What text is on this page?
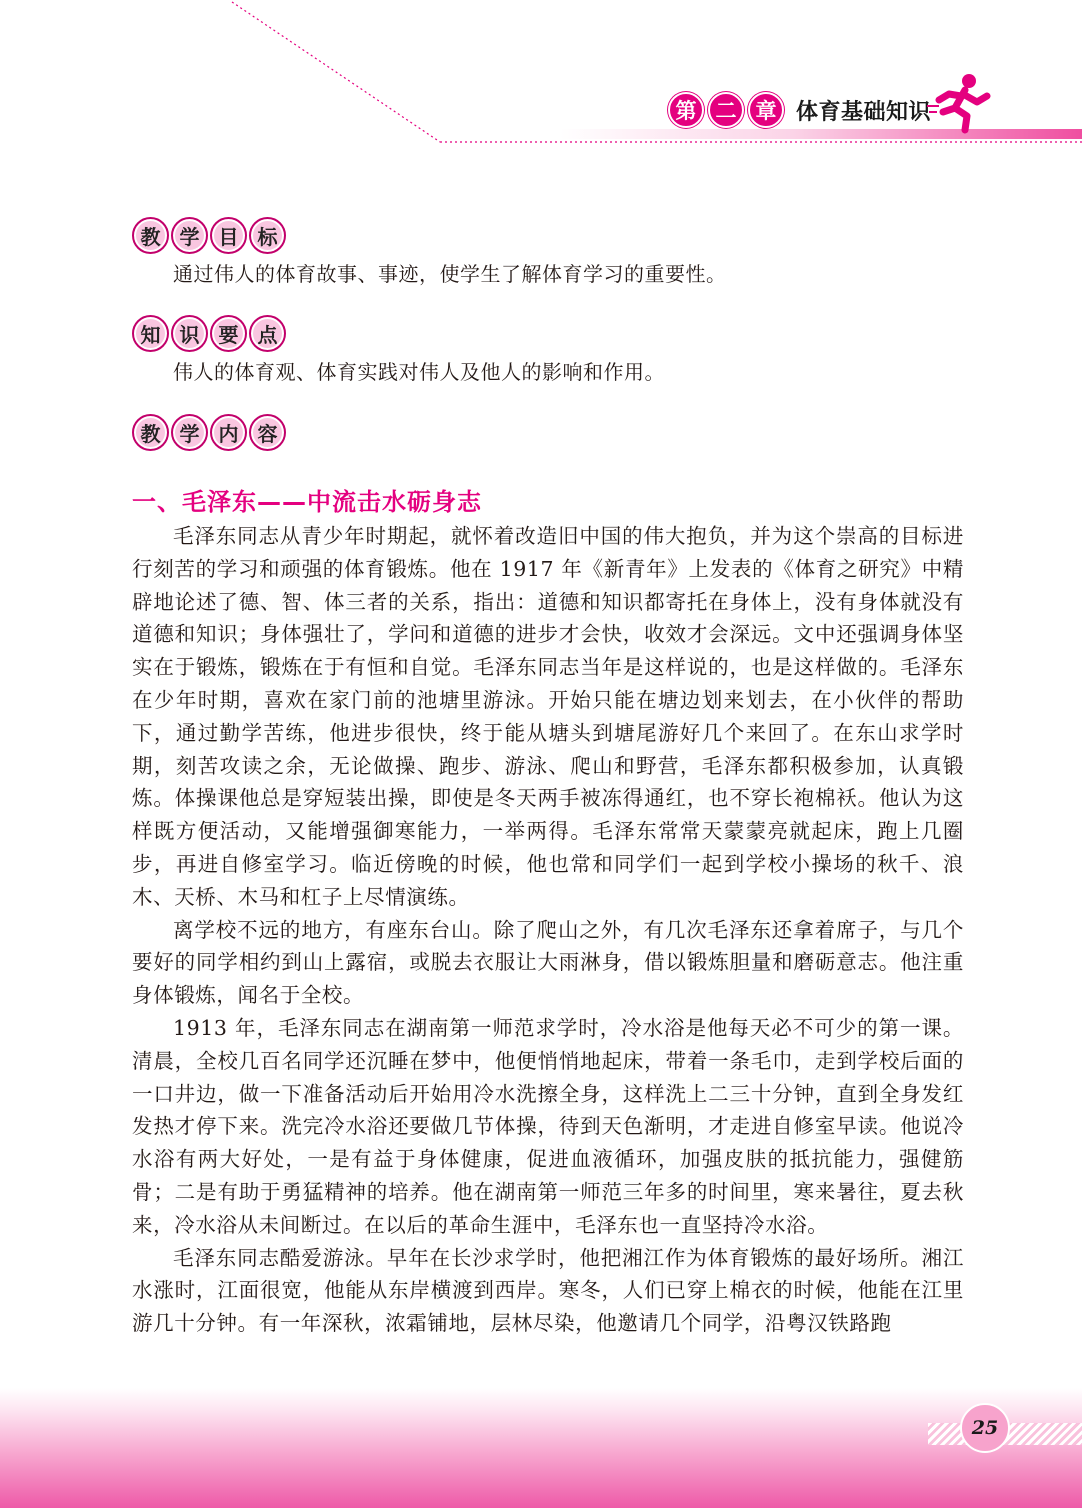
第 二 章 体育基础知识
教 学 目 标
通过伟人的体育故事、事迹，使学生了解体育学习的重要性。
知 识 要 点
伟人的体育观、体育实践对伟人及他人的影响和作用。
教 学 内 容
一、毛泽东——中流击水砺身志

毛泽东同志从青少年时期起，就怀着改造旧中国的伟大抱负，并为这个崇高的目标进行刻苦的学习和顽强的体育锻炼。他在 1917 年《新青年》上发表的《体育之研究》中精辟地论述了德、智、体三者的关系，指出：道德和知识都寄托在身体上，没有身体就没有道德和知识；身体强壮了，学问和道德的进步才会快，收效才会深远。文中还强调身体坚实在于锻炼，锻炼在于有恒和自觉。毛泽东同志当年是这样说的，也是这样做的。毛泽东在少年时期，喜欢在家门前的池塘里游泳。开始只能在塘边划来划去，在小伙伴的帮助下，通过勤学苦练，他进步很快，终于能从塘头到塘尾游好几个来回了。在东山求学时期，刻苦攻读之余，无论做操、跑步、游泳、爬山和野营，毛泽东都积极参加，认真锻炼。体操课他总是穿短装出操，即使是冬天两手被冻得通红，也不穿长袍棉袄。他认为这样既方便活动，又能增强御寒能力，一举两得。毛泽东常常天蒙蒙亮就起床，跑上几圈步，再进自修室学习。临近傍晚的时候，他也常和同学们一起到学校小操场的秋千、浪木、天桥、木马和杠子上尽情演练。

离学校不远的地方，有座东台山。除了爬山之外，有几次毛泽东还拿着席子，与几个要好的同学相约到山上露宿，或脱去衣服让大雨淋身，借以锻炼胆量和磨砺意志。他注重身体锻炼，闻名于全校。

1913 年，毛泽东同志在湖南第一师范求学时，冷水浴是他每天必不可少的第一课。清晨，全校几百名同学还沉睡在梦中，他便悄悄地起床，带着一条毛巾，走到学校后面的一口井边，做一下准备活动后开始用冷水洗擦全身，这样洗上二三十分钟，直到全身发红发热才停下来。洗完冷水浴还要做几节体操，待到天色渐明，才走进自修室早读。他说冷水浴有两大好处，一是有益于身体健康，促进血液循环，加强皮肤的抵抗能力，强健筋骨；二是有助于勇猛精神的培养。他在湖南第一师范三年多的时间里，寒来暑往，夏去秋来，冷水浴从未间断过。在以后的革命生涯中，毛泽东也一直坚持冷水浴。

毛泽东同志酷爱游泳。早年在长沙求学时，他把湘江作为体育锻炼的最好场所。湘江水涨时，江面很宽，他能从东岸横渡到西岸。寒冬，人们已穿上棉衣的时候，他能在江里游几十分钟。有一年深秋，浓霜铺地，层林尽染，他邀请几个同学，沿粤汉铁路跑

25
